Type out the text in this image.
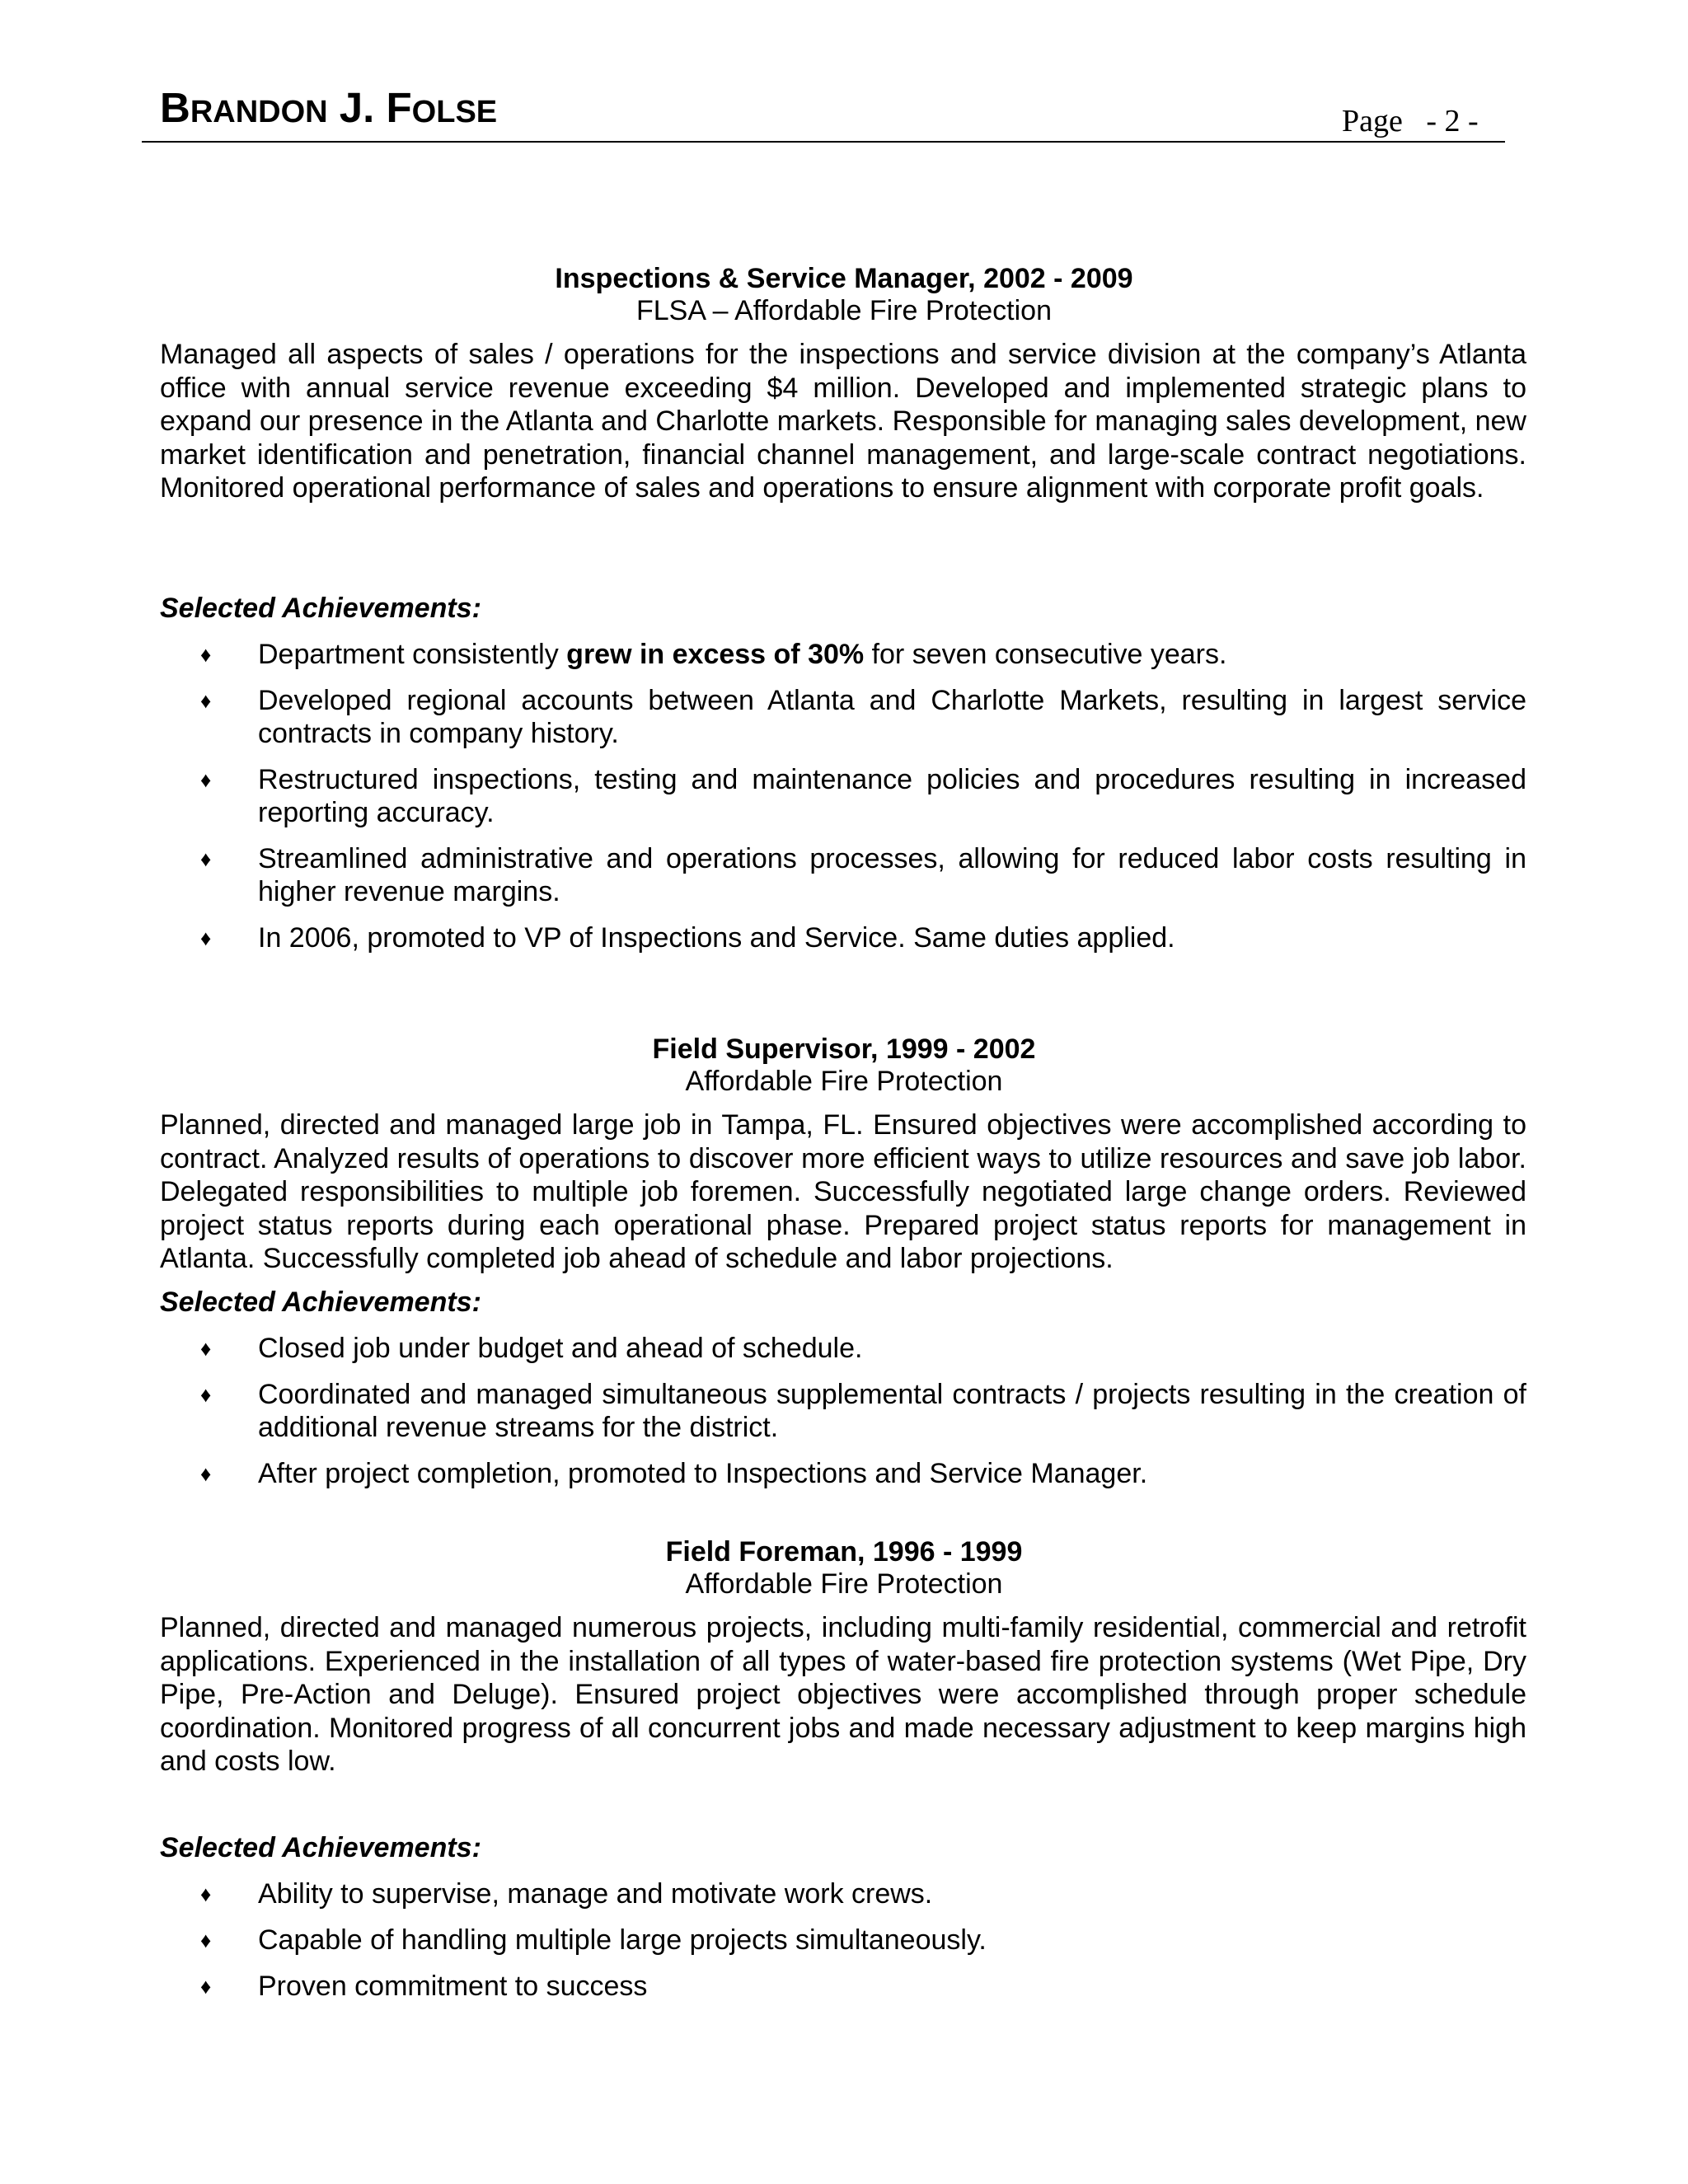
BRANDON J. FOLSE	Page   - 2 -
Inspections & Service Manager, 2002 - 2009
FLSA – Affordable Fire Protection
Managed all aspects of sales / operations for the inspections and service division at the company’s Atlanta office with annual service revenue exceeding $4 million. Developed and implemented strategic plans to expand our presence in the Atlanta and Charlotte markets. Responsible for managing sales development, new market identification and penetration, financial channel management, and large-scale contract negotiations. Monitored operational performance of sales and operations to ensure alignment with corporate profit goals.
Selected Achievements:
♦ Department consistently grew in excess of 30% for seven consecutive years.
♦ Developed regional accounts between Atlanta and Charlotte Markets, resulting in largest service contracts in company history.
♦ Restructured inspections, testing and maintenance policies and procedures resulting in increased reporting accuracy.
♦ Streamlined administrative and operations processes, allowing for reduced labor costs resulting in higher revenue margins.
♦ In 2006, promoted to VP of Inspections and Service. Same duties applied.
Field Supervisor, 1999 - 2002
Affordable Fire Protection
Planned, directed and managed large job in Tampa, FL. Ensured objectives were accomplished according to contract. Analyzed results of operations to discover more efficient ways to utilize resources and save job labor. Delegated responsibilities to multiple job foremen. Successfully negotiated large change orders. Reviewed project status reports during each operational phase. Prepared project status reports for management in Atlanta. Successfully completed job ahead of schedule and labor projections.
Selected Achievements:
♦ Closed job under budget and ahead of schedule.
♦ Coordinated and managed simultaneous supplemental contracts / projects resulting in the creation of additional revenue streams for the district.
♦ After project completion, promoted to Inspections and Service Manager.
Field Foreman, 1996 - 1999
Affordable Fire Protection
Planned, directed and managed numerous projects, including multi-family residential, commercial and retrofit applications. Experienced in the installation of all types of water-based fire protection systems (Wet Pipe, Dry Pipe, Pre-Action and Deluge). Ensured project objectives were accomplished through proper schedule coordination. Monitored progress of all concurrent jobs and made necessary adjustment to keep margins high and costs low.
Selected Achievements:
♦ Ability to supervise, manage and motivate work crews.
♦ Capable of handling multiple large projects simultaneously.
♦ Proven commitment to success
